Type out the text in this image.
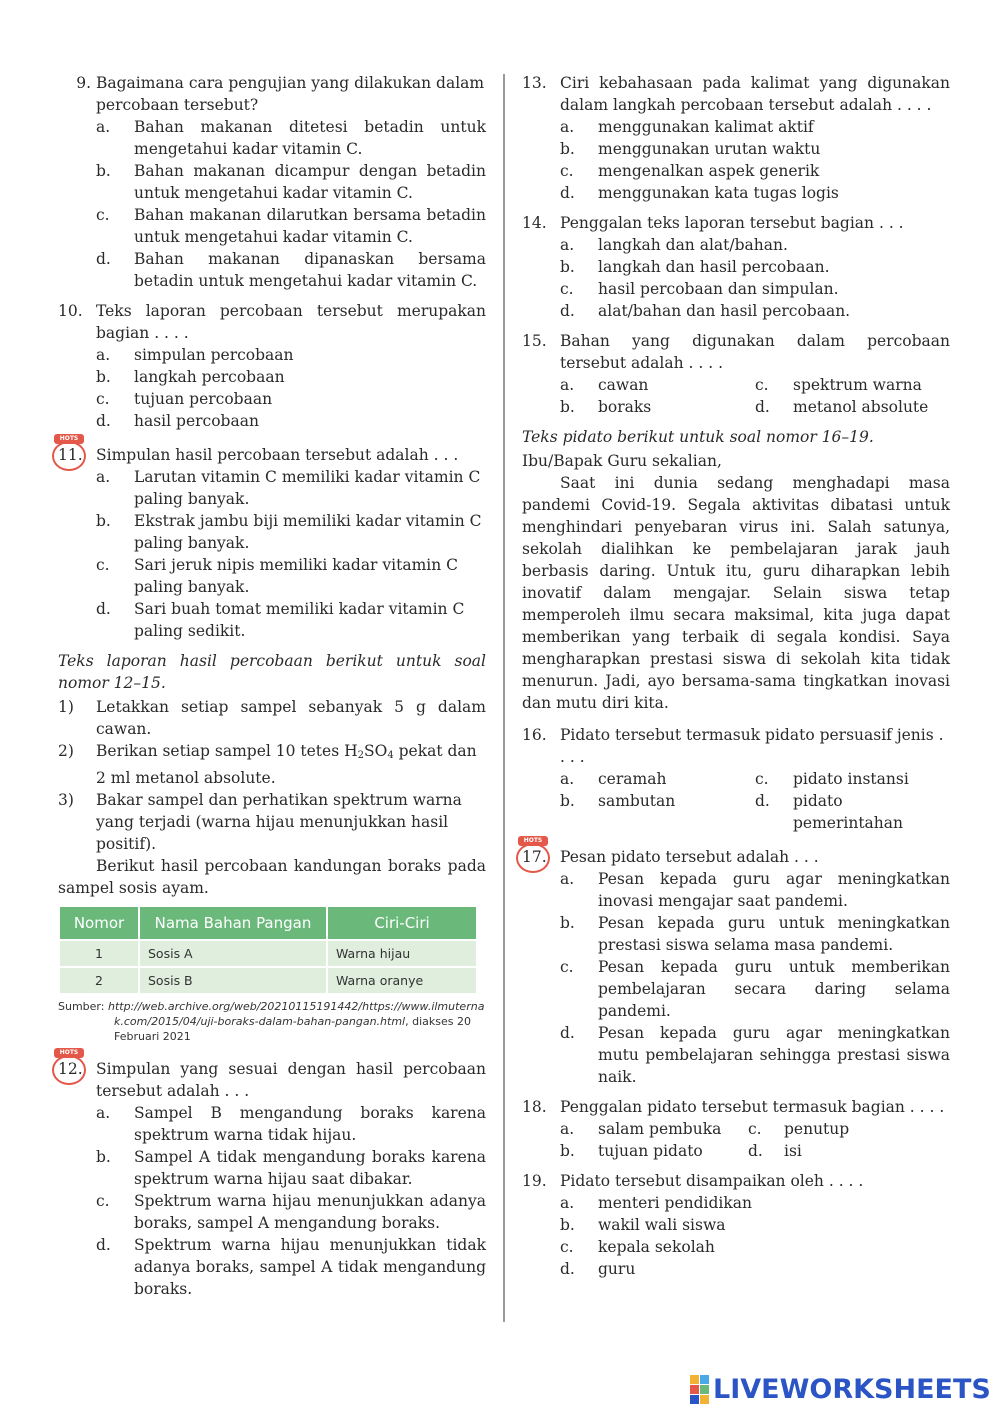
9. Bagaimana cara pengujian yang dilakukan dalam percobaan tersebut?
a.	Bahan makanan ditetesi betadin untuk mengetahui kadar vitamin C.
b.	Bahan makanan dicampur dengan betadin untuk mengetahui kadar vitamin C.
c.	Bahan makanan dilarutkan bersama betadin untuk mengetahui kadar vitamin C.
d.	Bahan makanan dipanaskan bersama betadin untuk mengetahui kadar vitamin C.
10. Teks laporan percobaan tersebut merupakan bagian . . . .
a.	simpulan percobaan
b.	langkah percobaan
c.	tujuan percobaan
d.	hasil percobaan
HOTS
11. Simpulan hasil percobaan tersebut adalah . . .
a.	Larutan vitamin C memiliki kadar vitamin C paling banyak.
b.	Ekstrak jambu biji memiliki kadar vitamin C paling banyak.
c.	Sari jeruk nipis memiliki kadar vitamin C paling banyak.
d.	Sari buah tomat memiliki kadar vitamin C paling sedikit.
Teks laporan hasil percobaan berikut untuk soal nomor 12–15.
1)	Letakkan setiap sampel sebanyak 5 g dalam cawan.
2)	Berikan setiap sampel 10 tetes $H_2SO_4$ pekat dan 2 ml metanol absolute.
3)	Bakar sampel dan perhatikan spektrum warna yang terjadi (warna hijau menunjukkan hasil positif).
Berikut hasil percobaan kandungan boraks pada sampel sosis ayam.
Nomor	Nama Bahan Pangan	Ciri-Ciri
1	Sosis A	Warna hijau
2	Sosis B	Warna oranye
Sumber: http://web.archive.org/web/20210115191442/https://www.ilmuternak.com/2015/04/uji-boraks-dalam-bahan-pangan.html, diakses 20 Februari 2021
HOTS
12. Simpulan yang sesuai dengan hasil percobaan tersebut adalah . . .
a.	Sampel B mengandung boraks karena spektrum warna tidak hijau.
b.	Sampel A tidak mengandung boraks karena spektrum warna hijau saat dibakar.
c.	Spektrum warna hijau menunjukkan adanya boraks, sampel A mengandung boraks.
d.	Spektrum warna hijau menunjukkan tidak adanya boraks, sampel A tidak mengandung boraks.
13. Ciri kebahasaan pada kalimat yang digunakan dalam langkah percobaan tersebut adalah . . . .
a.	menggunakan kalimat aktif
b.	menggunakan urutan waktu
c.	mengenalkan aspek generik
d.	menggunakan kata tugas logis
14. Penggalan teks laporan tersebut bagian . . .
a.	langkah dan alat/bahan.
b.	langkah dan hasil percobaan.
c.	hasil percobaan dan simpulan.
d.	alat/bahan dan hasil percobaan.
15. Bahan yang digunakan dalam percobaan tersebut adalah . . . .
a.	cawan	c.	spektrum warna
b.	boraks	d.	metanol absolute
Teks pidato berikut untuk soal nomor 16–19.
Ibu/Bapak Guru sekalian,
Saat ini dunia sedang menghadapi masa pandemi Covid-19. Segala aktivitas dibatasi untuk menghindari penyebaran virus ini. Salah satunya, sekolah dialihkan ke pembelajaran jarak jauh berbasis daring. Untuk itu, guru diharapkan lebih inovatif dalam mengajar. Selain siswa tetap memperoleh ilmu secara maksimal, kita juga dapat memberikan yang terbaik di segala kondisi. Saya mengharapkan prestasi siswa di sekolah kita tidak menurun. Jadi, ayo bersama-sama tingkatkan inovasi dan mutu diri kita.
16. Pidato tersebut termasuk pidato persuasif jenis . . . .
a.	ceramah	c.	pidato instansi
b.	sambutan	d.	pidato pemerintahan
HOTS
17. Pesan pidato tersebut adalah . . .
a.	Pesan kepada guru agar meningkatkan inovasi mengajar saat pandemi.
b.	Pesan kepada guru untuk meningkatkan prestasi siswa selama masa pandemi.
c.	Pesan kepada guru untuk memberikan pembelajaran secara daring selama pandemi.
d.	Pesan kepada guru agar meningkatkan mutu pembelajaran sehingga prestasi siswa naik.
18. Penggalan pidato tersebut termasuk bagian . . . .
a.	salam pembuka c.	penutup
b.	tujuan pidato	d.	isi
19. Pidato tersebut disampaikan oleh . . . .
a.	menteri pendidikan
b.	wakil wali siswa
c.	kepala sekolah
d.	guru
LIVEWORKSHEETS
